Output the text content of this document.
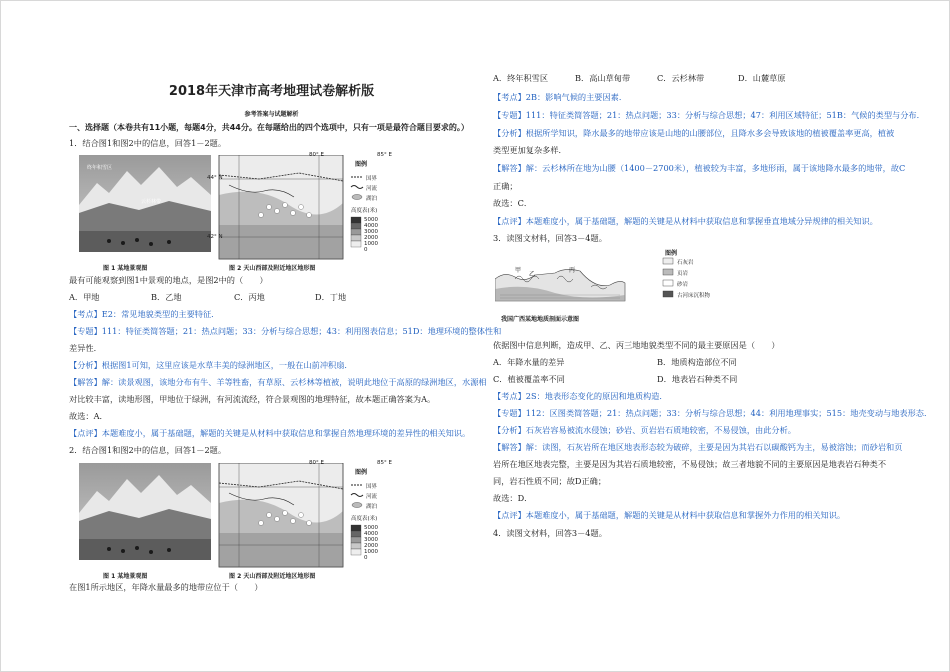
2018年天津市高考地理试卷解析版
参考答案与试题解析
一、选择题（本卷共有11小题，每题4分，共44分。在每题给出的四个选项中，只有一项是最符合题目要求的。）
1．结合图1和图2中的信息，回答1－2题。
终年积雪区
云杉林带
80° E	85° E
44° N
42° N
图例
国界
河流
湖泊
高度表(米)
5000
4000
3000
2000
1000
0
图 1 某地景观图	图 2 天山西部及附近地区地形图
最有可能观察到图1中景观的地点，是图2中的（　　）
A．甲地	B．乙地	C．丙地	D．丁地
【考点】E2：常见地貌类型的主要特征．
【专题】111：特征类简答题；21：热点问题；33：分析与综合思想；43：利用图表信息；51D：地理环境的整体性和
差异性．
【分析】根据图1可知，这里应该是水草丰美的绿洲地区，一般在山前冲积扇．
【解答】解：读景观图，该地分布有牛、羊等牲畜，有草原、云杉林等植被，说明此地位于高原的绿洲地区，水源相
对比较丰富，读地形图，甲地位于绿洲，有河流流经，符合景观图的地理特征，故本题正确答案为A。
故选：A．
【点评】本题难度小，属于基础题，解题的关键是从材料中获取信息和掌握自然地理环境的差异性的相关知识。
2．结合图1和图2中的信息，回答1－2题。
80° E	85° E
图例
国界
河流
湖泊
高度表(米)
5000
4000
3000
2000
1000
0
图 1 某地景观图	图 2 天山西部及附近地区地形图
在图1所示地区，年降水量最多的地带应位于（　　）
A．终年积雪区	B．高山草甸带	C．云杉林带	D．山麓草原
【考点】2B：影响气候的主要因素．
【专题】111：特征类简答题；21：热点问题；33：分析与综合思想；47：利用区域特征；51B：气候的类型与分布．
【分析】根据所学知识，降水最多的地带应该是山地的山腰部位，且降水多会导致该地的植被覆盖率更高，植被
类型更加复杂多样．
【解答】解：云杉林所在地为山腰（1400－2700米），植被较为丰富，多地形雨，属于该地降水最多的地带，故C
正确；
故选：C．
【点评】本题难度小，属于基础题，解题的关键是从材料中获取信息和掌握垂直地域分异规律的相关知识。
3．读图文材料，回答3－4题。
甲
乙
丙
图例
石灰岩
页岩
砂岩
古河床沉积物
我国广西某地地质剖面示意图
依据图中信息判断，造成甲、乙、丙三地地貌类型不同的最主要原因是（　　）
A．年降水量的差异	B．地质构造部位不同
C．植被覆盖率不同	D．地表岩石种类不同
【考点】2S：地表形态变化的原因和地质构造．
【专题】112：区图类简答题；21：热点问题；33：分析与综合思想；44：利用地理事实；515：地壳变动与地表形态．
【分析】石灰岩容易被流水侵蚀；砂岩、页岩岩石质地较密，不易侵蚀，由此分析。
【解答】解：读图，石灰岩所在地区地表形态较为破碎，主要是因为其岩石以碳酸钙为主，易被溶蚀；而砂岩和页
岩所在地区地表完整，主要是因为其岩石质地较密，不易侵蚀；故三者地貌不同的主要原因是地表岩石种类不
同，岩石性质不同；故D正确；
故选：D．
【点评】本题难度小，属于基础题，解题的关键是从材料中获取信息和掌握外力作用的相关知识。
4．读图文材料，回答3－4题。
